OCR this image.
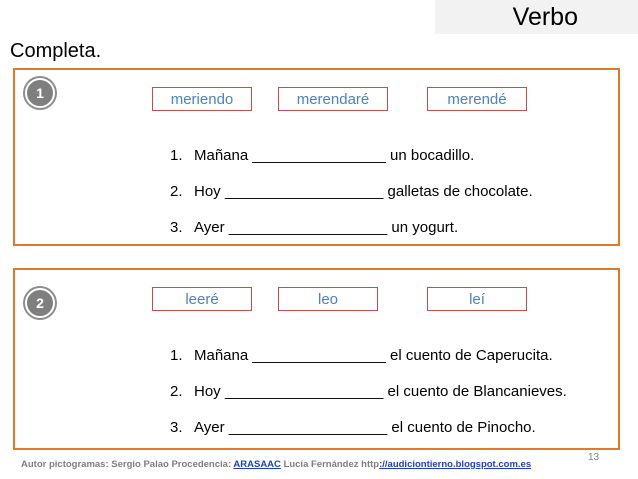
Verbo
Completa.
1	meriendo	merendaré	merendé
1. Mañana ________________ un bocadillo.
2. Hoy ___________________ galletas de chocolate.
3. Ayer ___________________ un yogurt.
2	leeré	leo	leí
1. Mañana ________________ el cuento de Caperucita.
2. Hoy ___________________ el cuento de Blancanieves.
3. Ayer ___________________ el cuento de Pinocho.
13
Autor pictogramas: Sergio Palao Procedencia: ARASAAC Lucía Fernández http://audiciontierno.blogspot.com.es
